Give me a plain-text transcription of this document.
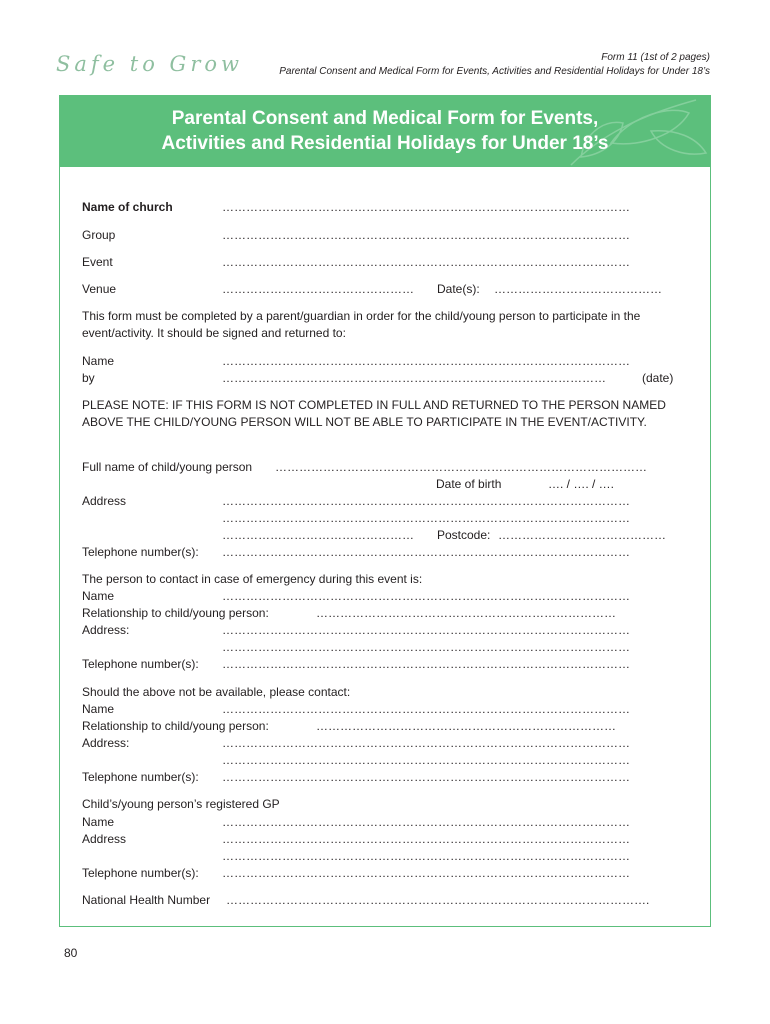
Safe to Grow	Form 11 (1st of 2 pages)
Parental Consent and Medical Form for Events, Activities and Residential Holidays for Under 18’s
Parental Consent and Medical Form for Events,
Activities and Residential Holidays for Under 18’s
Name of church	…………………………………………………………………………………………
Group	…………………………………………………………………………………………
Event	…………………………………………………………………………………………
Venue	………………………………………… Date(s): ……………………………………
This form must be completed by a parent/guardian in order for the child/young person to participate in the event/activity. It should be signed and returned to:
Name	…………………………………………………………………………………………
by	……………………………………………………………………………………	(date)
PLEASE NOTE: IF THIS FORM IS NOT COMPLETED IN FULL AND RETURNED TO THE PERSON NAMED ABOVE THE CHILD/YOUNG PERSON WILL NOT BE ABLE TO PARTICIPATE IN THE EVENT/ACTIVITY.
Full name of child/young person …………………………………………………………………………………
Date of birth	…. / …. / ….
Address	…………………………………………………………………………………………
…………………………………………………………………………………………
………………………………………… Postcode: ……………………………………
Telephone number(s): …………………………………………………………………………………………
The person to contact in case of emergency during this event is:
Name	…………………………………………………………………………………………
Relationship to child/young person:	…………………………………………………………………
Address:	…………………………………………………………………………………………
…………………………………………………………………………………………
Telephone number(s): …………………………………………………………………………………………
Should the above not be available, please contact:
Name	…………………………………………………………………………………………
Relationship to child/young person:	…………………………………………………………………
Address:	…………………………………………………………………………………………
…………………………………………………………………………………………
Telephone number(s): …………………………………………………………………………………………
Child’s/young person’s registered GP
Name	…………………………………………………………………………………………
Address	…………………………………………………………………………………………
…………………………………………………………………………………………
Telephone number(s): …………………………………………………………………………………………
National Health Number …………………………………………………………………………………………….
80
